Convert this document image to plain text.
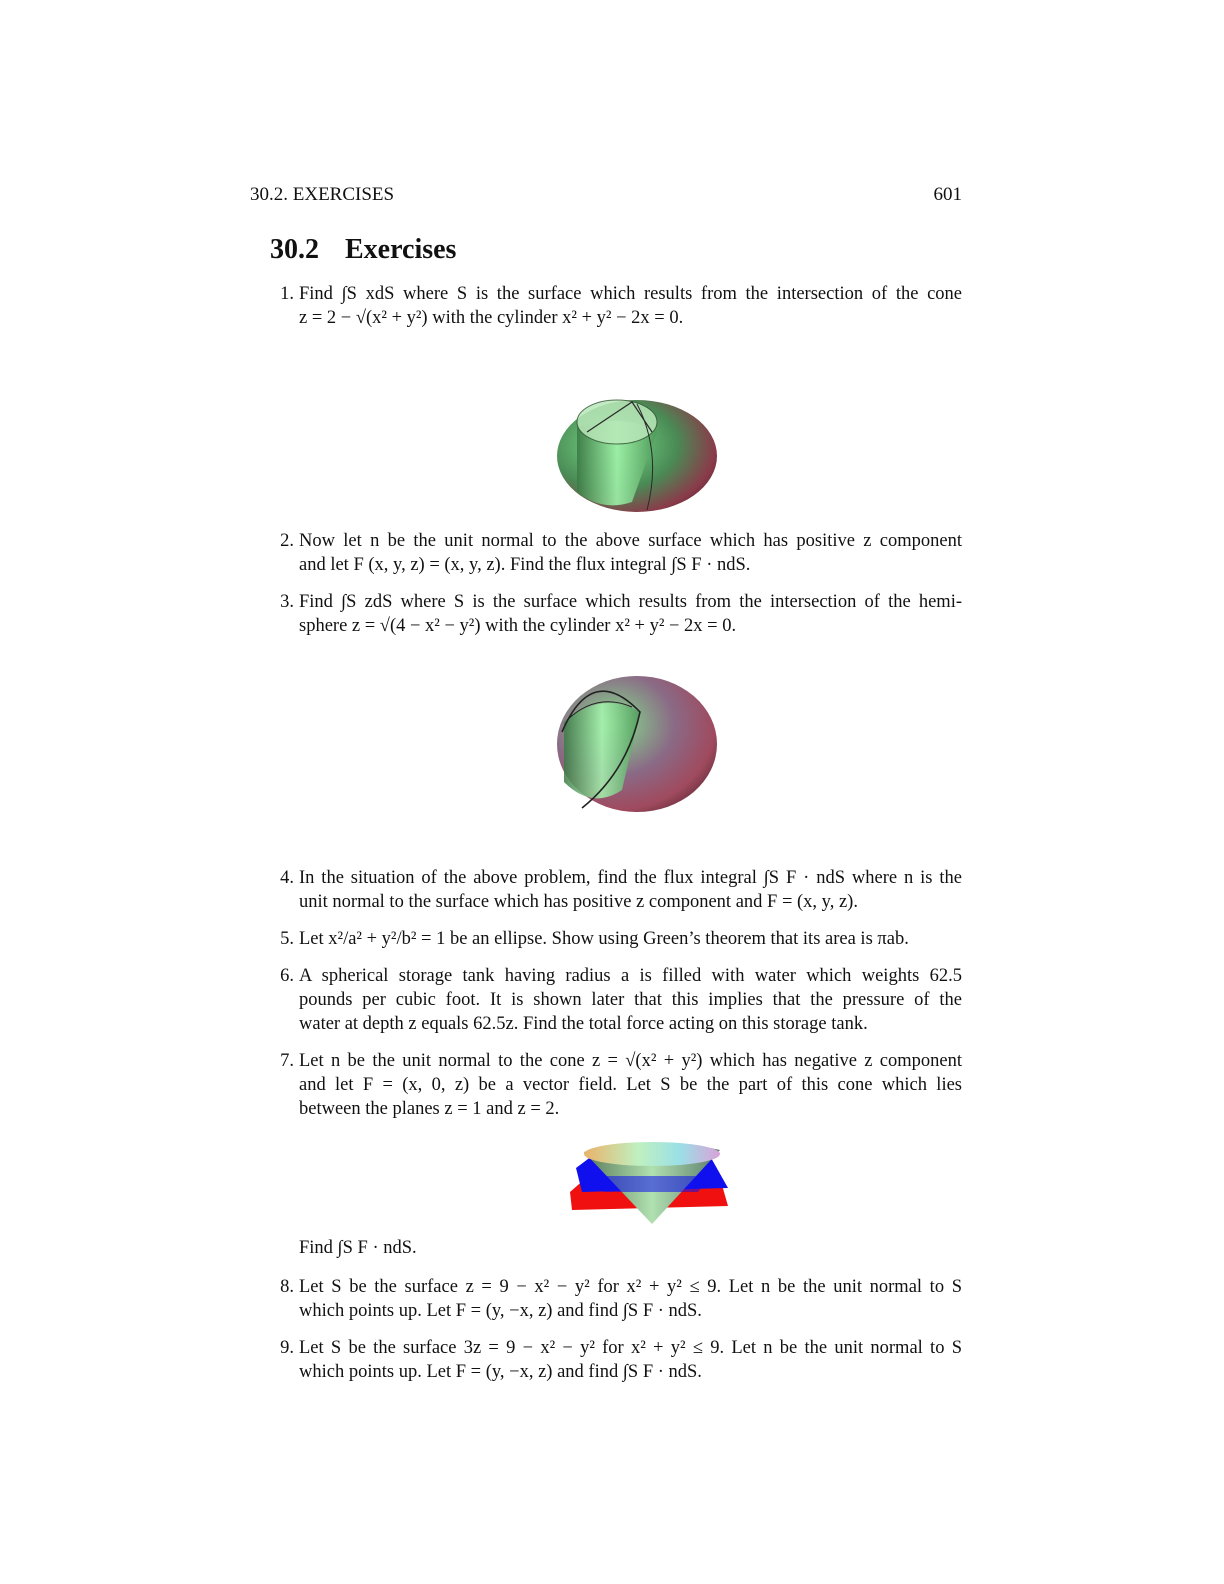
30.2. EXERCISES	601
30.2 Exercises
1. Find ∫S xdS where S is the surface which results from the intersection of the cone
z = 2 − √(x² + y²) with the cylinder x² + y² − 2x = 0.
2. Now let n be the unit normal to the above surface which has positive z component
and let F (x, y, z) = (x, y, z). Find the flux integral ∫S F · ndS.
3. Find ∫S zdS where S is the surface which results from the intersection of the hemi-
sphere z = √(4 − x² − y²) with the cylinder x² + y² − 2x = 0.
4. In the situation of the above problem, find the flux integral ∫S F · ndS where n is the
unit normal to the surface which has positive z component and F = (x, y, z).
5. Let x²/a² + y²/b² = 1 be an ellipse. Show using Green’s theorem that its area is πab.
6. A spherical storage tank having radius a is filled with water which weights 62.5
pounds per cubic foot. It is shown later that this implies that the pressure of the
water at depth z equals 62.5z. Find the total force acting on this storage tank.
7. Let n be the unit normal to the cone z = √(x² + y²) which has negative z component
and let F = (x, 0, z) be a vector field. Let S be the part of this cone which lies
between the planes z = 1 and z = 2.
Find ∫S F · ndS.
8. Let S be the surface z = 9 − x² − y² for x² + y² ≤ 9. Let n be the unit normal to S
which points up. Let F = (y, −x, z) and find ∫S F · ndS.
9. Let S be the surface 3z = 9 − x² − y² for x² + y² ≤ 9. Let n be the unit normal to S
which points up. Let F = (y, −x, z) and find ∫S F · ndS.
